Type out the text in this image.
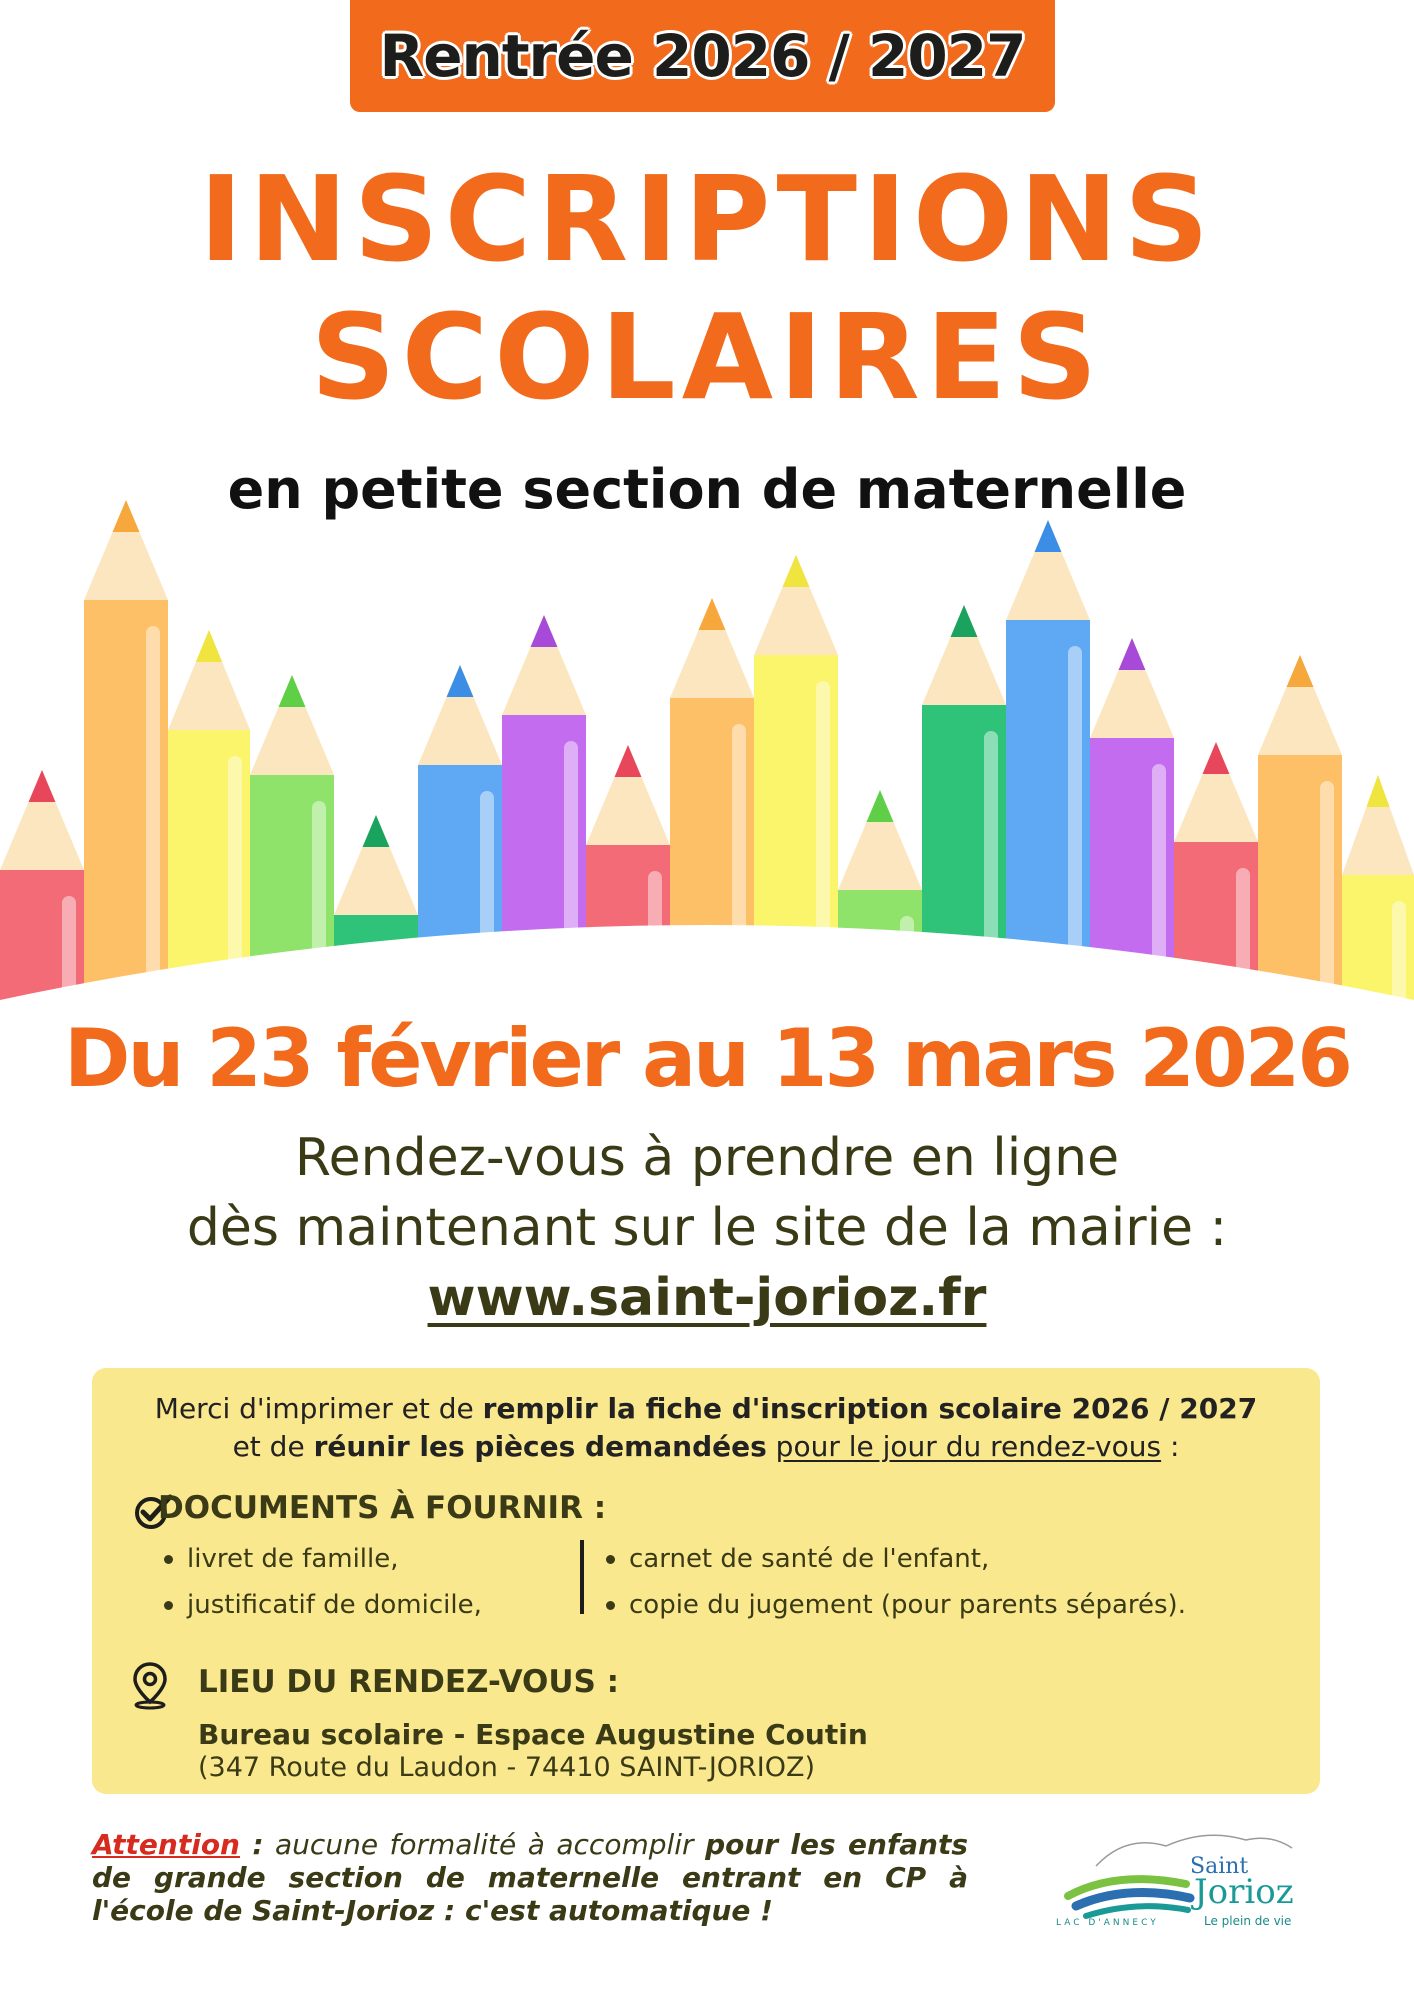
Rentrée 2026 / 2027
INSCRIPTIONS
SCOLAIRES
en petite section de maternelle
Du 23 février au 13 mars 2026
Rendez-vous à prendre en ligne
dès maintenant sur le site de la mairie :
www.saint-jorioz.fr
Merci d'imprimer et de remplir la fiche d'inscription scolaire 2026 / 2027
et de réunir les pièces demandées pour le jour du rendez-vous :
DOCUMENTS À FOURNIR :
livret de famille,
justificatif de domicile,
carnet de santé de l'enfant,
copie du jugement (pour parents séparés).
LIEU DU RENDEZ-VOUS :
Bureau scolaire - Espace Augustine Coutin
(347 Route du Laudon - 74410 SAINT-JORIOZ)
Attention : aucune formalité à accomplir pour les enfants de grande section de maternelle entrant en CP à l'école de Saint-Jorioz : c'est automatique !
Saint
Jorioz
Le plein de vie
LAC D'ANNECY
